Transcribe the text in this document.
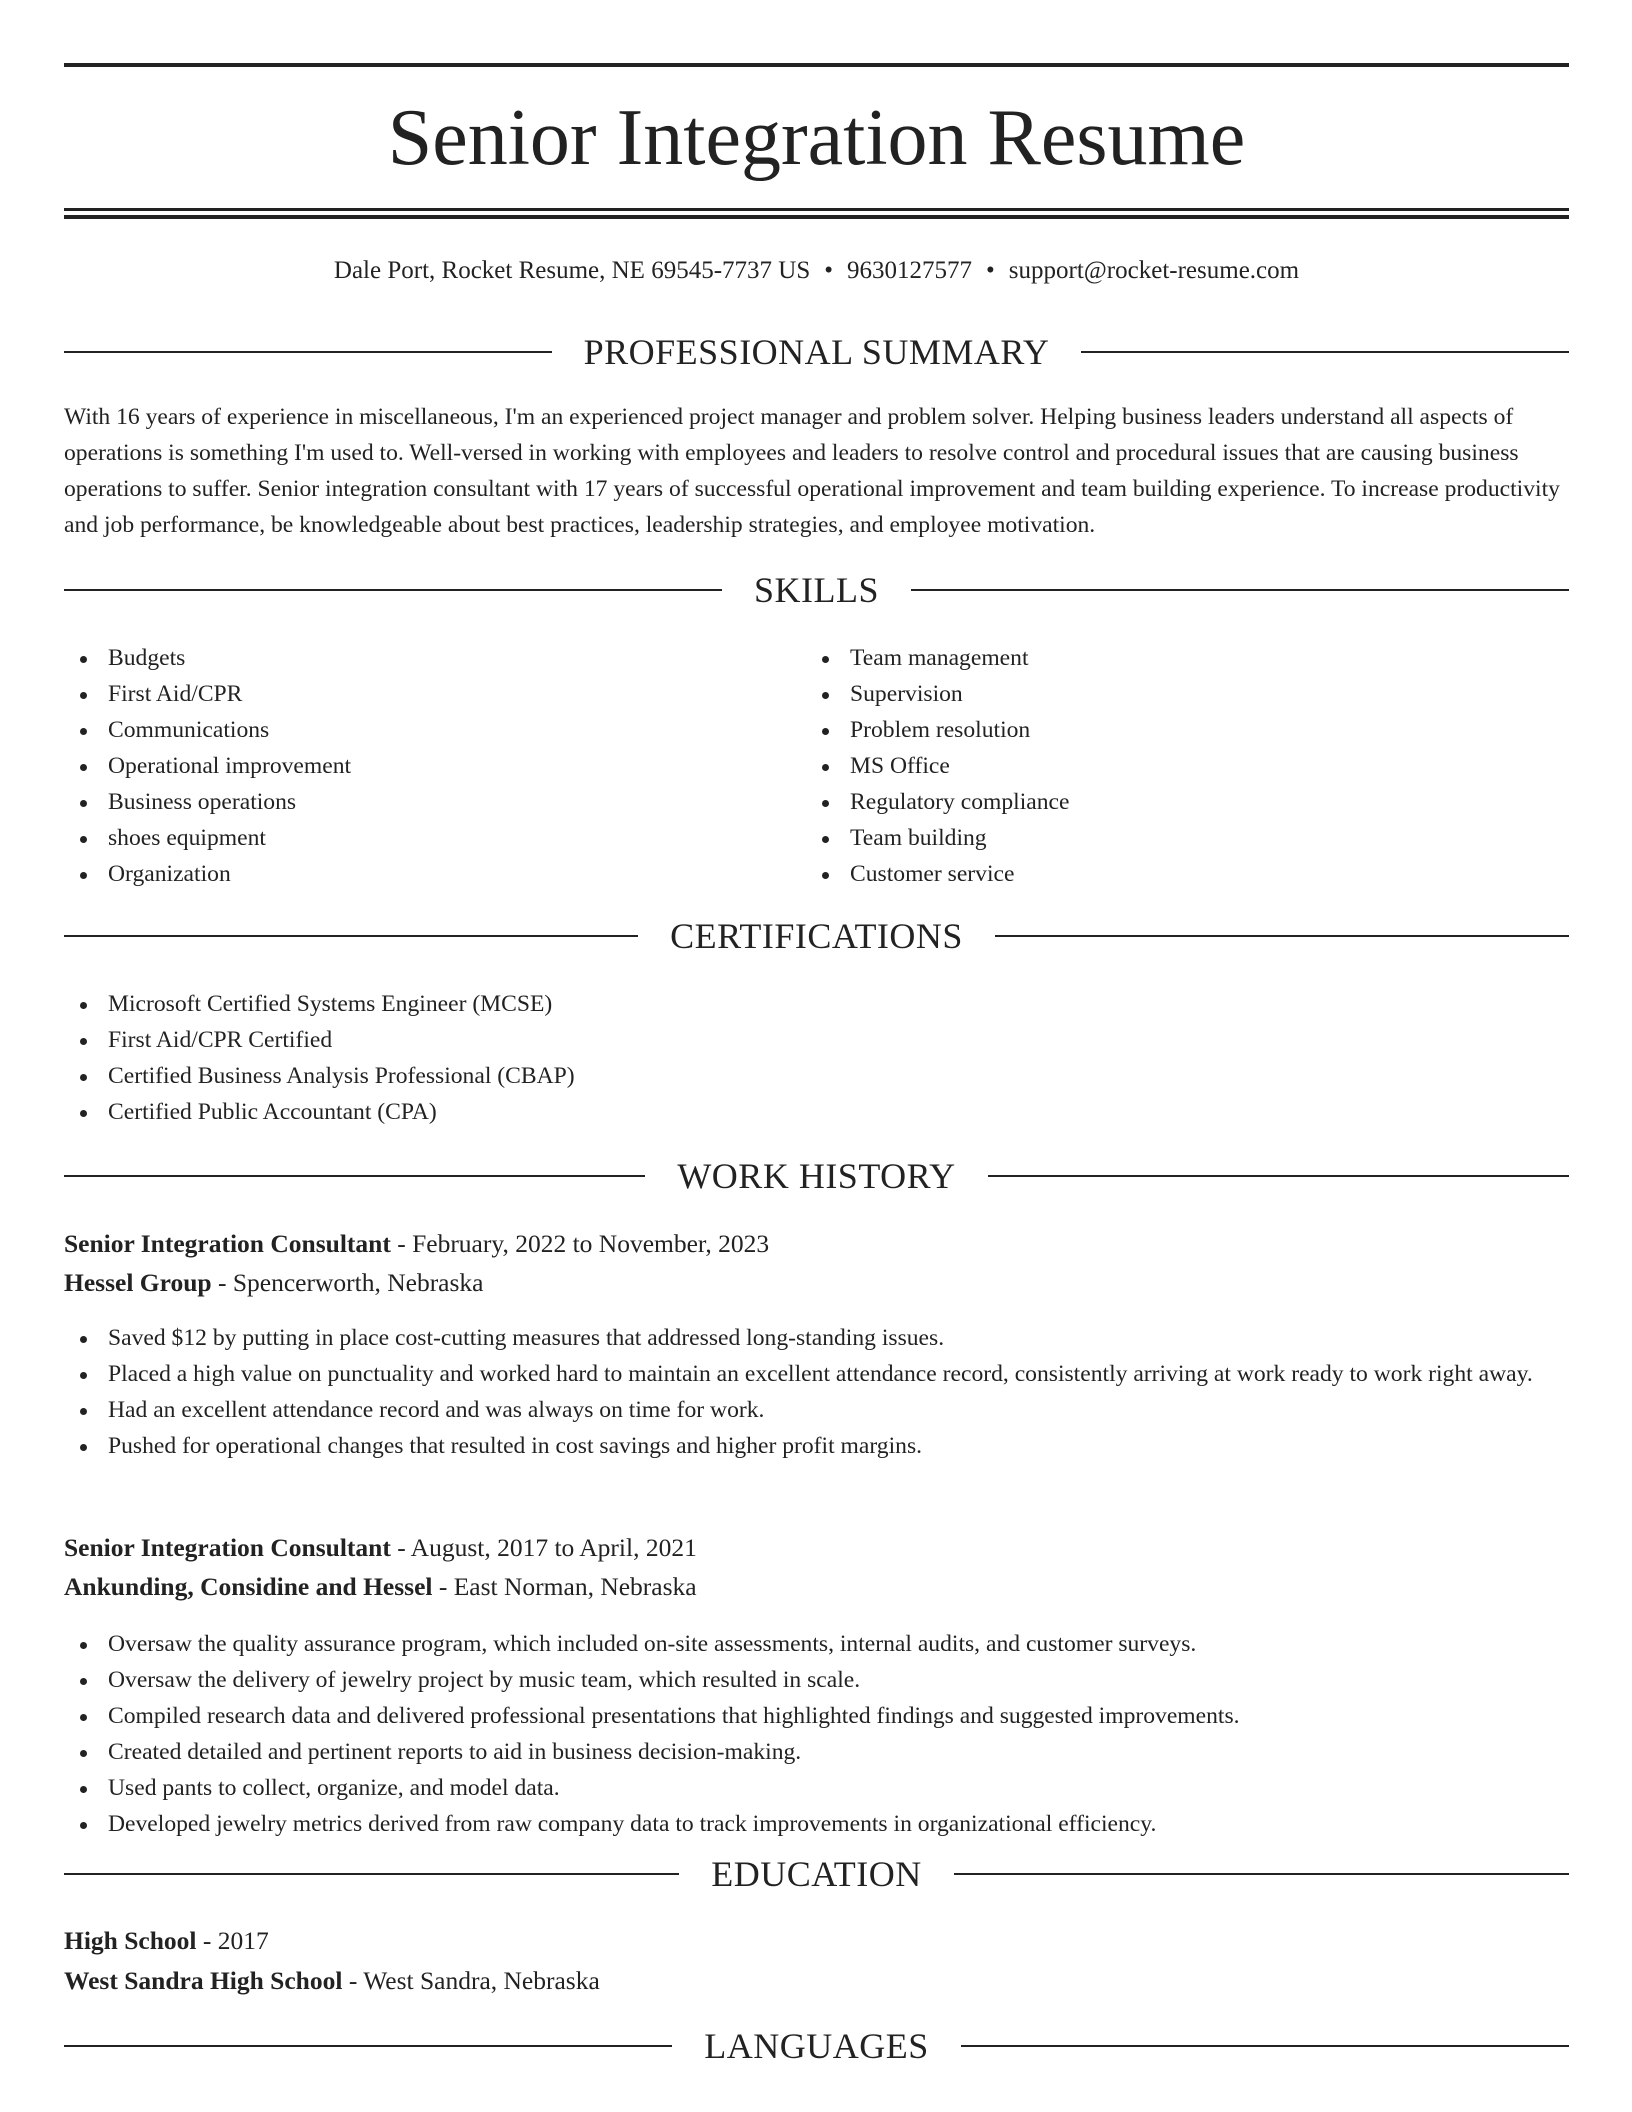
Senior Integration Resume
Dale Port, Rocket Resume, NE 69545-7737 US • 9630127577 • support@rocket-resume.com
PROFESSIONAL SUMMARY

With 16 years of experience in miscellaneous, I'm an experienced project manager and problem solver. Helping business leaders understand all aspects of operations is something I'm used to. Well-versed in working with employees and leaders to resolve control and procedural issues that are causing business operations to suffer. Senior integration consultant with 17 years of successful operational improvement and team building experience. To increase productivity and job performance, be knowledgeable about best practices, leadership strategies, and employee motivation.

SKILLS
Budgets
First Aid/CPR
Communications
Operational improvement
Business operations
shoes equipment
Organization
Team management
Supervision
Problem resolution
MS Office
Regulatory compliance
Team building
Customer service
CERTIFICATIONS
Microsoft Certified Systems Engineer (MCSE)
First Aid/CPR Certified
Certified Business Analysis Professional (CBAP)
Certified Public Accountant (CPA)
WORK HISTORY

Senior Integration Consultant - February, 2022 to November, 2023

Hessel Group - Spencerworth, Nebraska

Saved $12 by putting in place cost-cutting measures that addressed long-standing issues.
Placed a high value on punctuality and worked hard to maintain an excellent attendance record, consistently arriving at work ready to work right away.
Had an excellent attendance record and was always on time for work.
Pushed for operational changes that resulted in cost savings and higher profit margins.

Senior Integration Consultant - August, 2017 to April, 2021

Ankunding, Considine and Hessel - East Norman, Nebraska

Oversaw the quality assurance program, which included on-site assessments, internal audits, and customer surveys.
Oversaw the delivery of jewelry project by music team, which resulted in scale.
Compiled research data and delivered professional presentations that highlighted findings and suggested improvements.
Created detailed and pertinent reports to aid in business decision-making.
Used pants to collect, organize, and model data.
Developed jewelry metrics derived from raw company data to track improvements in organizational efficiency.
EDUCATION

High School - 2017

West Sandra High School - West Sandra, Nebraska

LANGUAGES
